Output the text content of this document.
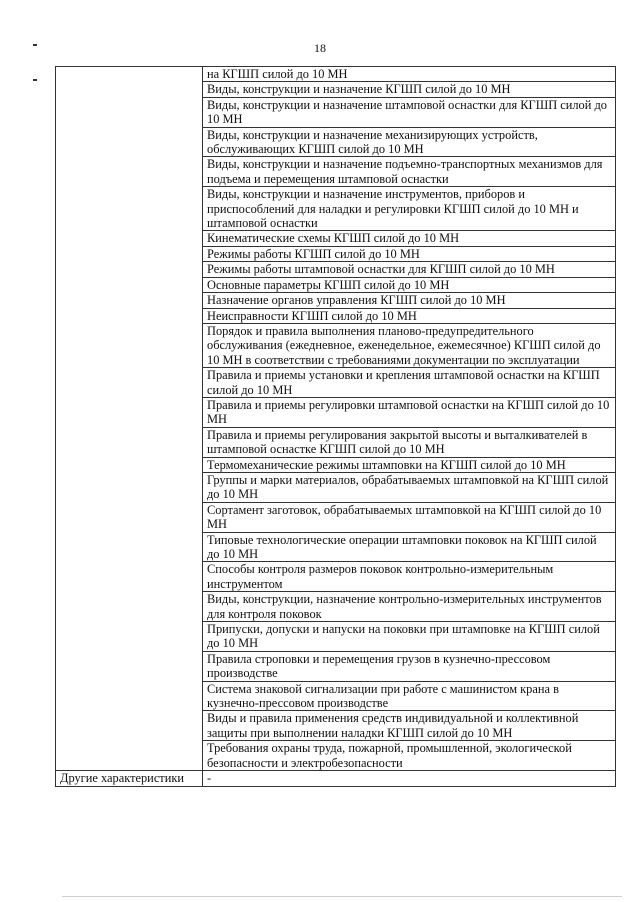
18
	на КГШП силой до 10 МН
	Виды, конструкции и назначение КГШП силой до 10 МН
	Виды, конструкции и назначение штамповой оснастки для КГШП силой до 10 МН
	Виды, конструкции и назначение механизирующих устройств, обслуживающих КГШП силой до 10 МН
	Виды, конструкции и назначение подъемно-транспортных механизмов для подъема и перемещения штамповой оснастки
	Виды, конструкции и назначение инструментов, приборов и приспособлений для наладки и регулировки КГШП силой до 10 МН и штамповой оснастки
	Кинематические схемы КГШП силой до 10 МН
	Режимы работы КГШП силой до 10 МН
	Режимы работы штамповой оснастки для КГШП силой до 10 МН
	Основные параметры КГШП силой до 10 МН
	Назначение органов управления КГШП силой до 10 МН
	Неисправности КГШП силой до 10 МН
	Порядок и правила выполнения планово-предупредительного обслуживания (ежедневное, еженедельное, ежемесячное) КГШП силой до 10 МН в соответствии с требованиями документации по эксплуатации
	Правила и приемы установки и крепления штамповой оснастки на КГШП силой до 10 МН
	Правила и приемы регулировки штамповой оснастки на КГШП силой до 10 МН
	Правила и приемы регулирования закрытой высоты и выталкивателей в штамповой оснастке КГШП силой до 10 МН
	Термомеханические режимы штамповки на КГШП силой до 10 МН
	Группы и марки материалов, обрабатываемых штамповкой на КГШП силой до 10 МН
	Сортамент заготовок, обрабатываемых штамповкой на КГШП силой до 10 МН
	Типовые технологические операции штамповки поковок на КГШП силой до 10 МН
	Способы контроля размеров поковок контрольно-измерительным инструментом
	Виды, конструкции, назначение контрольно-измерительных инструментов для контроля поковок
	Припуски, допуски и напуски на поковки при штамповке на КГШП силой до 10 МН
	Правила строповки и перемещения грузов в кузнечно-прессовом производстве
	Система знаковой сигнализации при работе с машинистом крана в кузнечно-прессовом производстве
	Виды и правила применения средств индивидуальной и коллективной защиты при выполнении наладки КГШП силой до 10 МН
	Требования охраны труда, пожарной, промышленной, экологической безопасности и электробезопасности
Другие характеристики	-
